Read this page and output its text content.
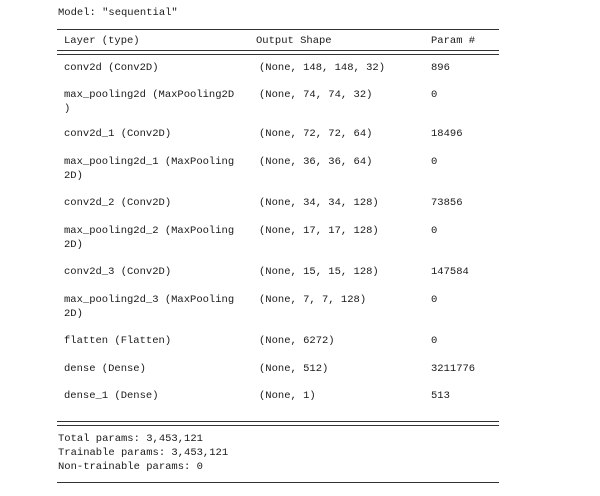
Model: "sequential"
Layer (type)	Output Shape	Param #
conv2d (Conv2D)	(None, 148, 148, 32)	896
max_pooling2d (MaxPooling2D
)
(None, 74, 74, 32)	0
conv2d_1 (Conv2D)	(None, 72, 72, 64)	18496
max_pooling2d_1 (MaxPooling
2D)
(None, 36, 36, 64)	0
conv2d_2 (Conv2D)	(None, 34, 34, 128)	73856
max_pooling2d_2 (MaxPooling
2D)
(None, 17, 17, 128)	0
conv2d_3 (Conv2D)	(None, 15, 15, 128)	147584
max_pooling2d_3 (MaxPooling
2D)
(None, 7, 7, 128)	0
flatten (Flatten)	(None, 6272)	0
dense (Dense)	(None, 512)	3211776
dense_1 (Dense)	(None, 1)	513
Total params: 3,453,121
Trainable params: 3,453,121
Non-trainable params: 0
